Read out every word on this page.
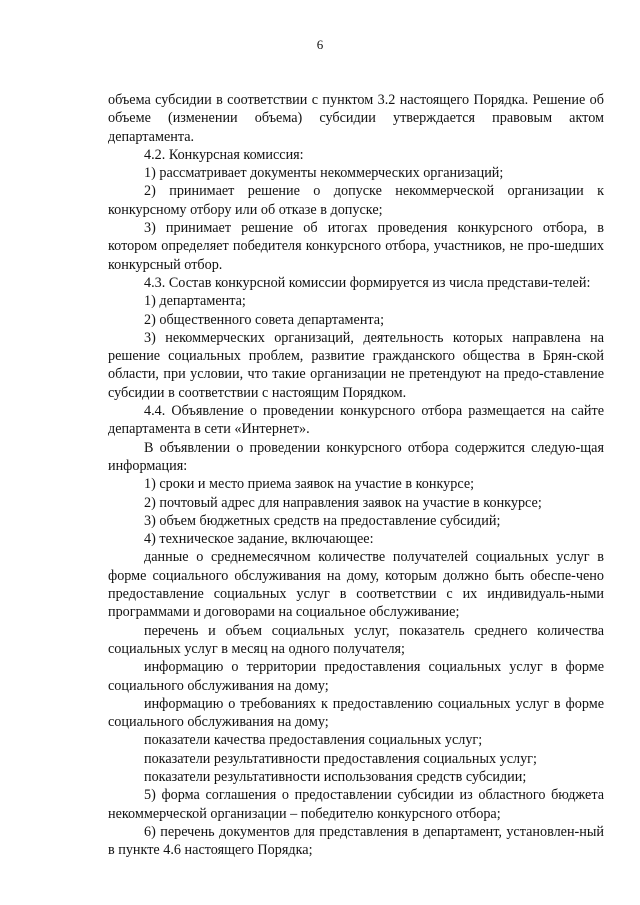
6

объема субсидии в соответствии с пунктом 3.2 настоящего Порядка. Решение об объеме (изменении объема) субсидии утверждается правовым актом департамента.

4.2. Конкурсная комиссия:

1) рассматривает документы некоммерческих организаций;

2) принимает решение о допуске некоммерческой организации к конкурсному отбору или об отказе в допуске;

3) принимает решение об итогах проведения конкурсного отбора, в котором определяет победителя конкурсного отбора, участников, не про-шедших конкурсный отбор.

4.3. Состав конкурсной комиссии формируется из числа представи-телей:

1) департамента;

2) общественного совета департамента;

3) некоммерческих организаций, деятельность которых направлена на решение социальных проблем, развитие гражданского общества в Брян-ской области, при условии, что такие организации не претендуют на предо-ставление субсидии в соответствии с настоящим Порядком.

4.4. Объявление о проведении конкурсного отбора размещается на сайте департамента в сети «Интернет».

В объявлении о проведении конкурсного отбора содержится следую-щая информация:

1) сроки и место приема заявок на участие в конкурсе;

2) почтовый адрес для направления заявок на участие в конкурсе;

3) объем бюджетных средств на предоставление субсидий;

4) техническое задание, включающее:

данные о среднемесячном количестве получателей социальных услуг в форме социального обслуживания на дому, которым должно быть обеспе-чено предоставление социальных услуг в соответствии с их индивидуаль-ными программами и договорами на социальное обслуживание;

перечень и объем социальных услуг, показатель среднего количества социальных услуг в месяц на одного получателя;

информацию о территории предоставления социальных услуг в форме социального обслуживания на дому;

информацию о требованиях к предоставлению социальных услуг в форме социального обслуживания на дому;

показатели качества предоставления социальных услуг;

показатели результативности предоставления социальных услуг;

показатели результативности использования средств субсидии;

5) форма соглашения о предоставлении субсидии из областного бюджета некоммерческой организации – победителю конкурсного отбора;

6) перечень документов для представления в департамент, установлен-ный в пункте 4.6 настоящего Порядка;
